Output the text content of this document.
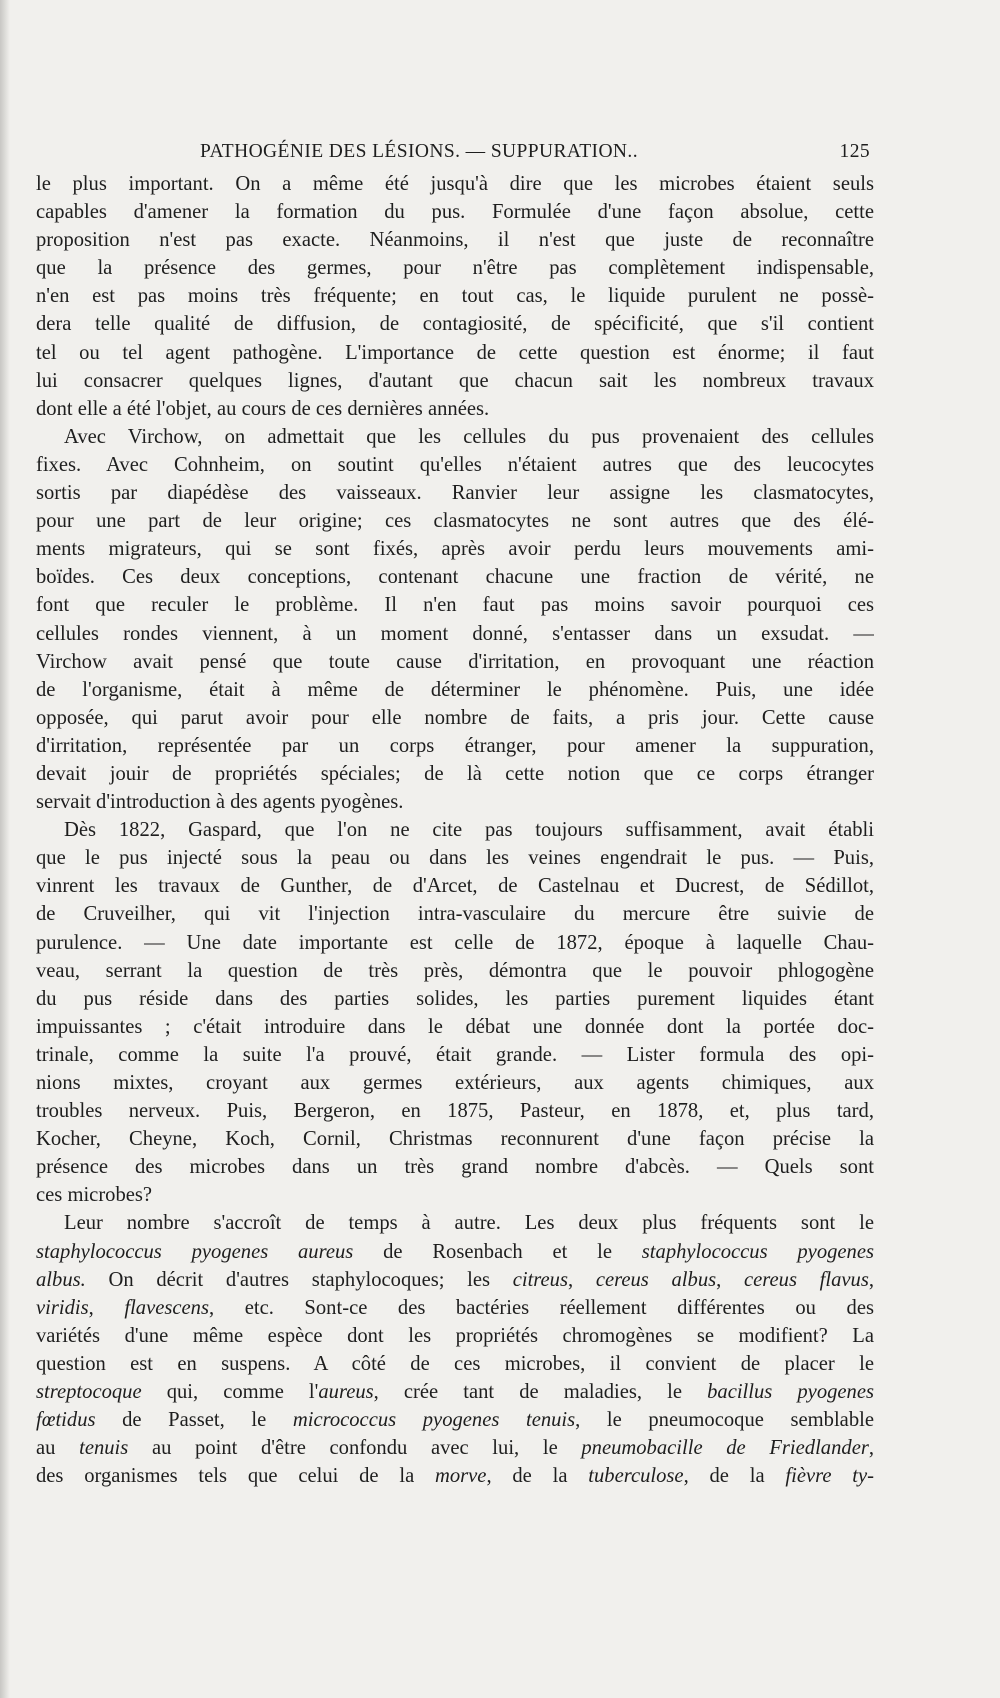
PATHOGÉNIE DES LÉSIONS. — SUPPURATION..	125
le plus important. On a même été jusqu'à dire que les microbes étaient seuls
capables d'amener la formation du pus. Formulée d'une façon absolue, cette
proposition n'est pas exacte. Néanmoins, il n'est que juste de reconnaître
que la présence des germes, pour n'être pas complètement indispensable,
n'en est pas moins très fréquente; en tout cas, le liquide purulent ne possè-
dera telle qualité de diffusion, de contagiosité, de spécificité, que s'il contient
tel ou tel agent pathogène. L'importance de cette question est énorme; il faut
lui consacrer quelques lignes, d'autant que chacun sait les nombreux travaux
dont elle a été l'objet, au cours de ces dernières années.
Avec Virchow, on admettait que les cellules du pus provenaient des cellules
fixes. Avec Cohnheim, on soutint qu'elles n'étaient autres que des leucocytes
sortis par diapédèse des vaisseaux. Ranvier leur assigne les clasmatocytes,
pour une part de leur origine; ces clasmatocytes ne sont autres que des élé-
ments migrateurs, qui se sont fixés, après avoir perdu leurs mouvements ami-
boïdes. Ces deux conceptions, contenant chacune une fraction de vérité, ne
font que reculer le problème. Il n'en faut pas moins savoir pourquoi ces
cellules rondes viennent, à un moment donné, s'entasser dans un exsudat. —
Virchow avait pensé que toute cause d'irritation, en provoquant une réaction
de l'organisme, était à même de déterminer le phénomène. Puis, une idée
opposée, qui parut avoir pour elle nombre de faits, a pris jour. Cette cause
d'irritation, représentée par un corps étranger, pour amener la suppuration,
devait jouir de propriétés spéciales; de là cette notion que ce corps étranger
servait d'introduction à des agents pyogènes.
Dès 1822, Gaspard, que l'on ne cite pas toujours suffisamment, avait établi
que le pus injecté sous la peau ou dans les veines engendrait le pus. — Puis,
vinrent les travaux de Gunther, de d'Arcet, de Castelnau et Ducrest, de Sédillot,
de Cruveilher, qui vit l'injection intra-vasculaire du mercure être suivie de
purulence. — Une date importante est celle de 1872, époque à laquelle Chau-
veau, serrant la question de très près, démontra que le pouvoir phlogogène
du pus réside dans des parties solides, les parties purement liquides étant
impuissantes ; c'était introduire dans le débat une donnée dont la portée doc-
trinale, comme la suite l'a prouvé, était grande. — Lister formula des opi-
nions mixtes, croyant aux germes extérieurs, aux agents chimiques, aux
troubles nerveux. Puis, Bergeron, en 1875, Pasteur, en 1878, et, plus tard,
Kocher, Cheyne, Koch, Cornil, Christmas reconnurent d'une façon précise la
présence des microbes dans un très grand nombre d'abcès. — Quels sont
ces microbes?
Leur nombre s'accroît de temps à autre. Les deux plus fréquents sont le
staphylococcus pyogenes aureus de Rosenbach et le staphylococcus pyogenes
albus. On décrit d'autres staphylocoques; les citreus, cereus albus, cereus flavus,
viridis, flavescens, etc. Sont-ce des bactéries réellement différentes ou des
variétés d'une même espèce dont les propriétés chromogènes se modifient? La
question est en suspens. A côté de ces microbes, il convient de placer le
streptocoque qui, comme l'aureus, crée tant de maladies, le bacillus pyogenes
fœtidus de Passet, le micrococcus pyogenes tenuis, le pneumocoque semblable
au tenuis au point d'être confondu avec lui, le pneumobacille de Friedlander,
des organismes tels que celui de la morve, de la tuberculose, de la fièvre ty-
